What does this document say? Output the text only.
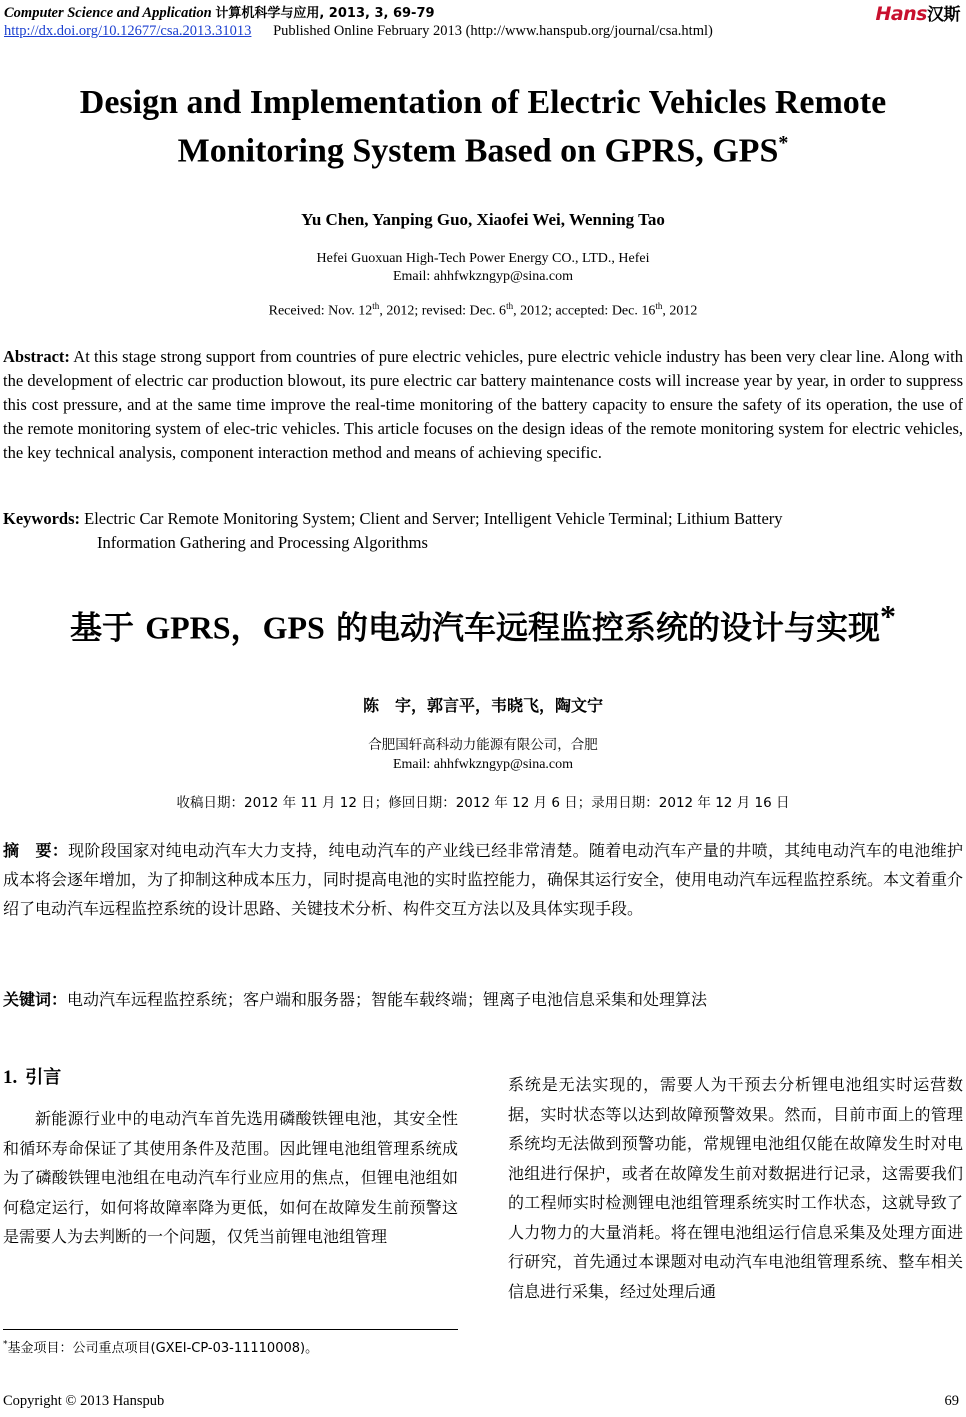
Computer Science and Application 计算机科学与应用, 2013, 3, 69-79	Hans汉斯
http://dx.doi.org/10.12677/csa.2013.31013 Published Online February 2013 (http://www.hanspub.org/journal/csa.html)
Design and Implementation of Electric Vehicles Remote
Monitoring System Based on GPRS, GPS*
Yu Chen, Yanping Guo, Xiaofei Wei, Wenning Tao
Hefei Guoxuan High-Tech Power Energy CO., LTD., Hefei
Email: ahhfwkzngyp@sina.com
Received: Nov. 12th, 2012; revised: Dec. 6th, 2012; accepted: Dec. 16th, 2012
Abstract: At this stage strong support from countries of pure electric vehicles, pure electric vehicle industry has been very clear line. Along with the development of electric car production blowout, its pure electric car battery maintenance costs will increase year by year, in order to suppress this cost pressure, and at the same time improve the real-time monitoring of the battery capacity to ensure the safety of its operation, the use of the remote monitoring system of elec-tric vehicles. This article focuses on the design ideas of the remote monitoring system for electric vehicles, the key technical analysis, component interaction method and means of achieving specific.
Keywords: Electric Car Remote Monitoring System; Client and Server; Intelligent Vehicle Terminal; Lithium Battery
Information Gathering and Processing Algorithms
基于 GPRS，GPS 的电动汽车远程监控系统的设计与实现*
陈　宇，郭言平，韦晓飞，陶文宁
合肥国轩高科动力能源有限公司，合肥
Email: ahhfwkzngyp@sina.com
收稿日期：2012 年 11 月 12 日；修回日期：2012 年 12 月 6 日；录用日期：2012 年 12 月 16 日
摘　要：现阶段国家对纯电动汽车大力支持，纯电动汽车的产业线已经非常清楚。随着电动汽车产量的井喷，其纯电动汽车的电池维护成本将会逐年增加，为了抑制这种成本压力，同时提高电池的实时监控能力，确保其运行安全，使用电动汽车远程监控系统。本文着重介绍了电动汽车远程监控系统的设计思路、关键技术分析、构件交互方法以及具体实现手段。
关键词：电动汽车远程监控系统；客户端和服务器；智能车载终端；锂离子电池信息采集和处理算法
1. 引言
新能源行业中的电动汽车首先选用磷酸铁锂电池，其安全性和循环寿命保证了其使用条件及范围。因此锂电池组管理系统成为了磷酸铁锂电池组在电动汽车行业应用的焦点，但锂电池组如何稳定运行，如何将故障率降为更低，如何在故障发生前预警这是需要人为去判断的一个问题，仅凭当前锂电池组管理
系统是无法实现的，需要人为干预去分析锂电池组实时运营数据，实时状态等以达到故障预警效果。然而，目前市面上的管理系统均无法做到预警功能，常规锂电池组仅能在故障发生时对电池组进行保护，或者在故障发生前对数据进行记录，这需要我们的工程师实时检测锂电池组管理系统实时工作状态，这就导致了人力物力的大量消耗。将在锂电池组运行信息采集及处理方面进行研究，首先通过本课题对电动汽车电池组管理系统、整车相关信息进行采集，经过处理后通
*基金项目：公司重点项目(GXEI-CP-03-11110008)。
Copyright © 2013 Hanspub	69
